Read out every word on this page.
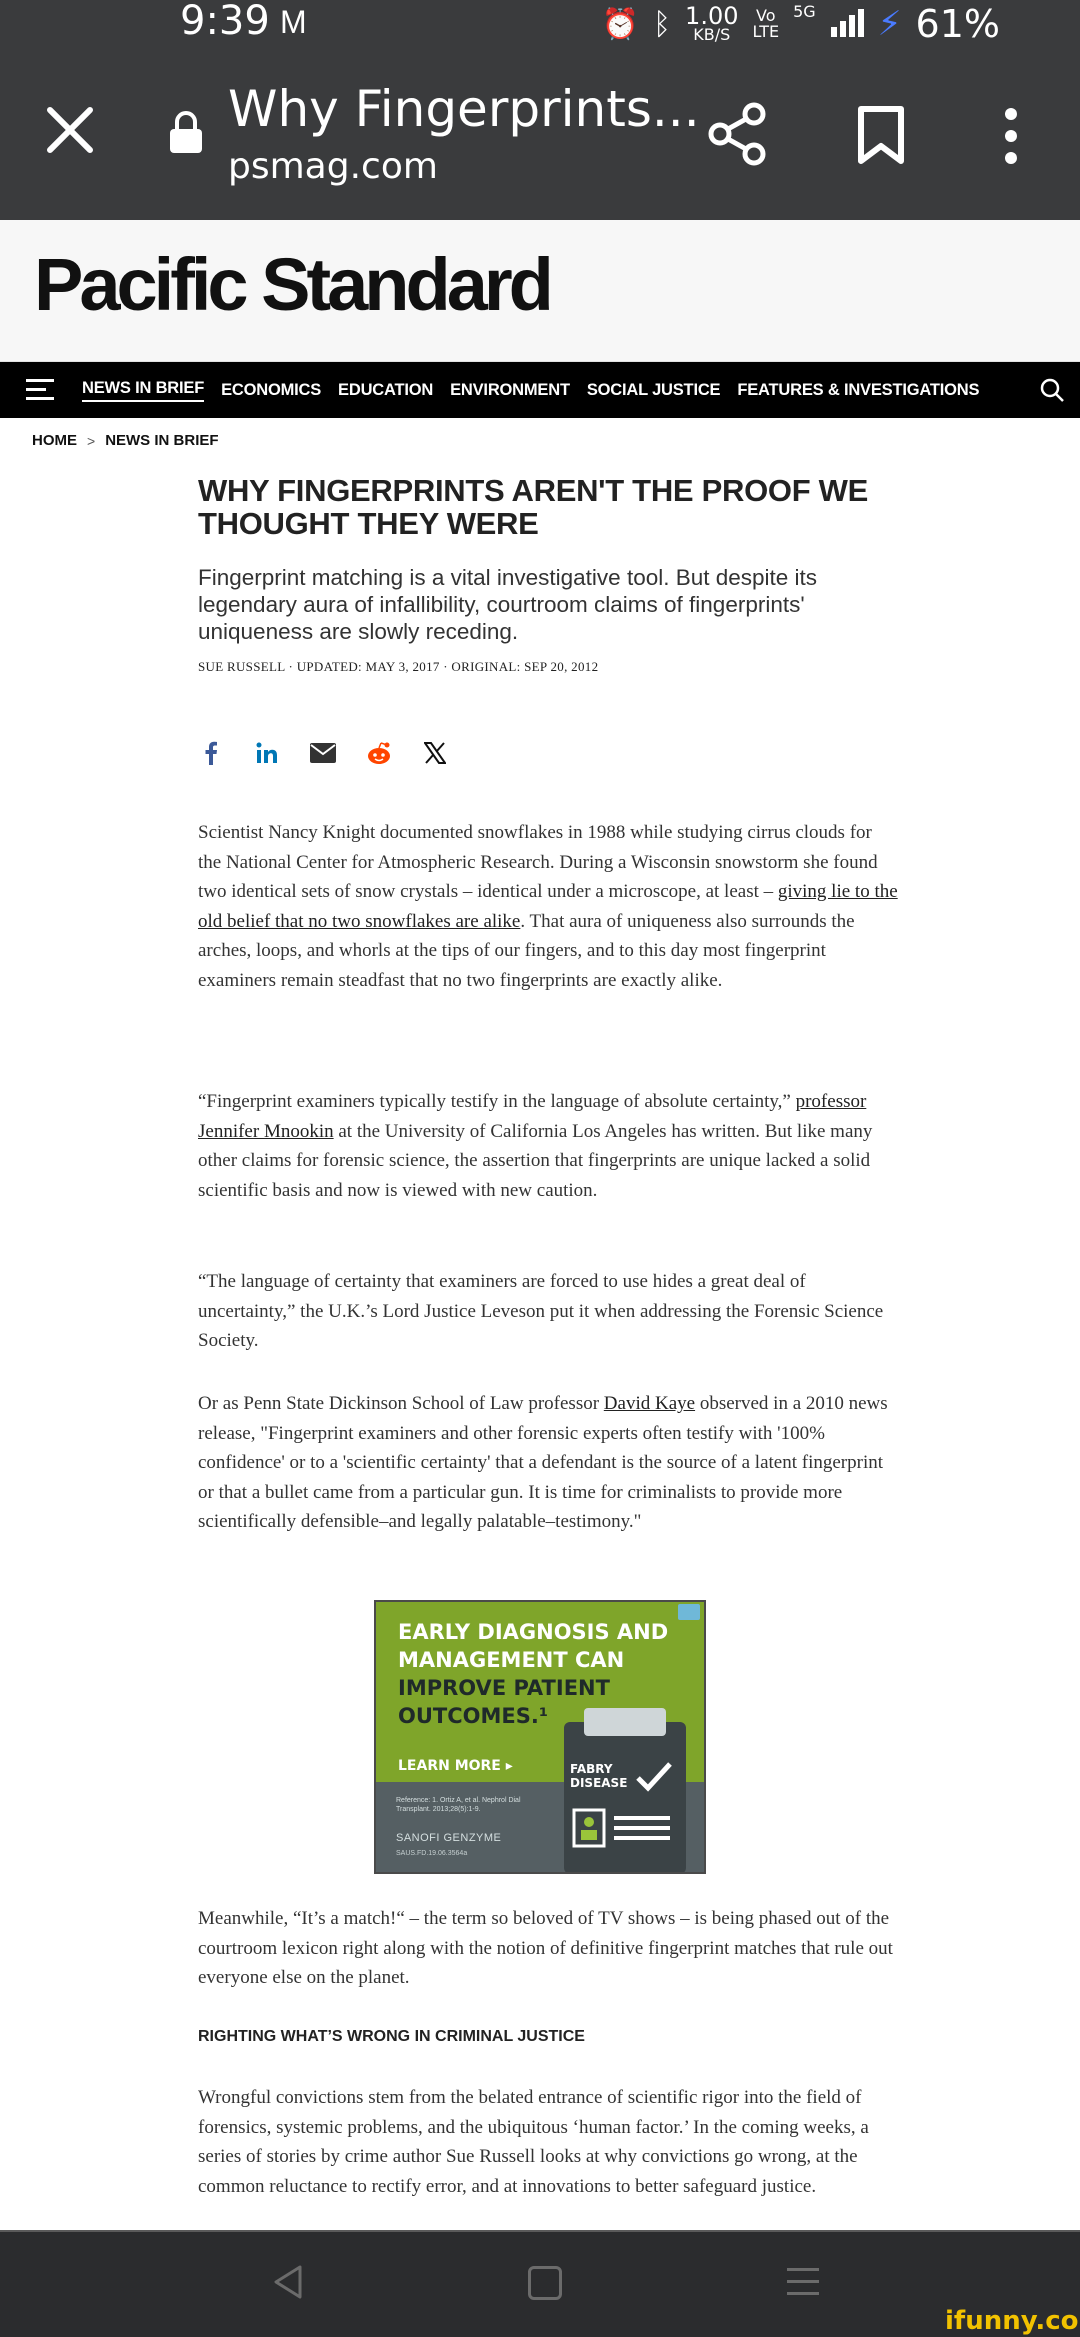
9:39 M	⏰ ᛒ 1.00
KB/S
Vo
LTE
5G ⚡ 61%
Why Fingerprints...
psmag.com
Pacific Standard
NEWS IN BRIEF ECONOMICS EDUCATION ENVIRONMENT SOCIAL JUSTICE FEATURES & INVESTIGATIONS
HOME > NEWS IN BRIEF
WHY FINGERPRINTS AREN'T THE PROOF WE THOUGHT THEY WERE

Fingerprint matching is a vital investigative tool. But despite its legendary aura of infallibility, courtroom claims of fingerprints' uniqueness are slowly receding.

SUE RUSSELL · UPDATED: MAY 3, 2017 · ORIGINAL: SEP 20, 2012

Scientist Nancy Knight documented snowflakes in 1988 while studying cirrus clouds for the National Center for Atmospheric Research. During a Wisconsin snowstorm she found two identical sets of snow crystals – identical under a microscope, at least – giving lie to the old belief that no two snowflakes are alike. That aura of uniqueness also surrounds the arches, loops, and whorls at the tips of our fingers, and to this day most fingerprint examiners remain steadfast that no two fingerprints are exactly alike.

“Fingerprint examiners typically testify in the language of absolute certainty,” professor Jennifer Mnookin at the University of California Los Angeles has written. But like many other claims for forensic science, the assertion that fingerprints are unique lacked a solid scientific basis and now is viewed with new caution.

“The language of certainty that examiners are forced to use hides a great deal of uncertainty,” the U.K.’s Lord Justice Leveson put it when addressing the Forensic Science Society.

Or as Penn State Dickinson School of Law professor David Kaye observed in a 2010 news release, "Fingerprint examiners and other forensic experts often testify with '100% confidence' or to a 'scientific certainty' that a defendant is the source of a latent fingerprint or that a bullet came from a particular gun. It is time for criminalists to provide more scientifically defensible–and legally palatable–testimony."

EARLY DIAGNOSIS AND
MANAGEMENT CAN
IMPROVE PATIENT
OUTCOMES.¹
LEARN MORE ▸
Reference: 1. Ortiz A, et al. Nephrol Dial Transplant. 2013;28(5):1-9.
SANOFI GENZYME
SAUS.FD.19.06.3564a
FABRY
DISEASE

Meanwhile, “It’s a match!“ – the term so beloved of TV shows – is being phased out of the courtroom lexicon right along with the notion of definitive fingerprint matches that rule out everyone else on the planet.

RIGHTING WHAT’S WRONG IN CRIMINAL JUSTICE

Wrongful convictions stem from the belated entrance of scientific rigor into the field of forensics, systemic problems, and the ubiquitous ‘human factor.’ In the coming weeks, a series of stories by crime author Sue Russell looks at why convictions go wrong, at the common reluctance to rectify error, and at innovations to better safeguard justice.

ifunny.co
